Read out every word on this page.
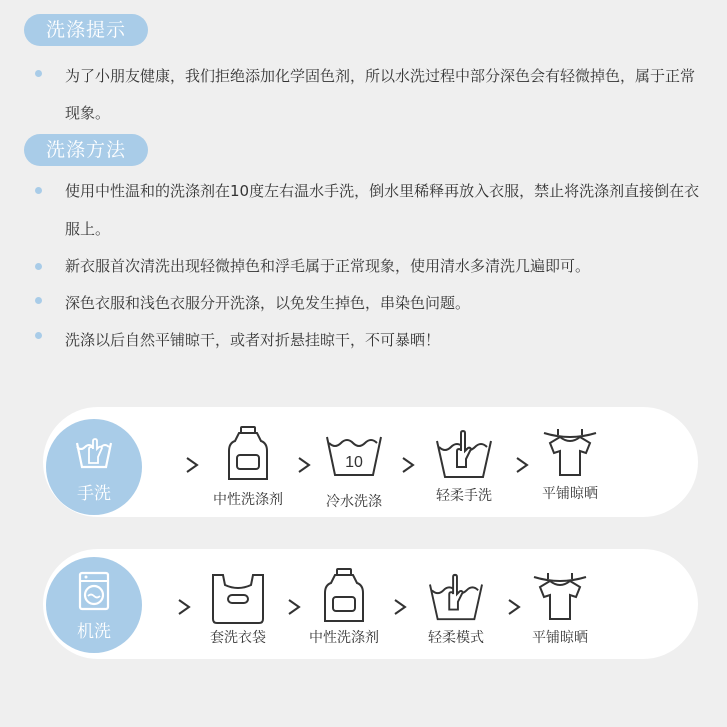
洗涤提示
为了小朋友健康，我们拒绝添加化学固色剂，所以水洗过程中部分深色会有轻微掉色，属于正常现象。
洗涤方法
使用中性温和的洗涤剂在10度左右温水手洗，倒水里稀释再放入衣服，禁止将洗涤剂直接倒在衣服上。
新衣服首次清洗出现轻微掉色和浮毛属于正常现象，使用清水多清洗几遍即可。
深色衣服和浅色衣服分开洗涤，以免发生掉色，串染色问题。
洗涤以后自然平铺晾干，或者对折悬挂晾干，不可暴晒！
手洗	中性洗涤剂
10
冷水洗涤	轻柔手洗	平铺晾晒
机洗	套洗衣袋	中性洗涤剂	轻柔模式	平铺晾晒
